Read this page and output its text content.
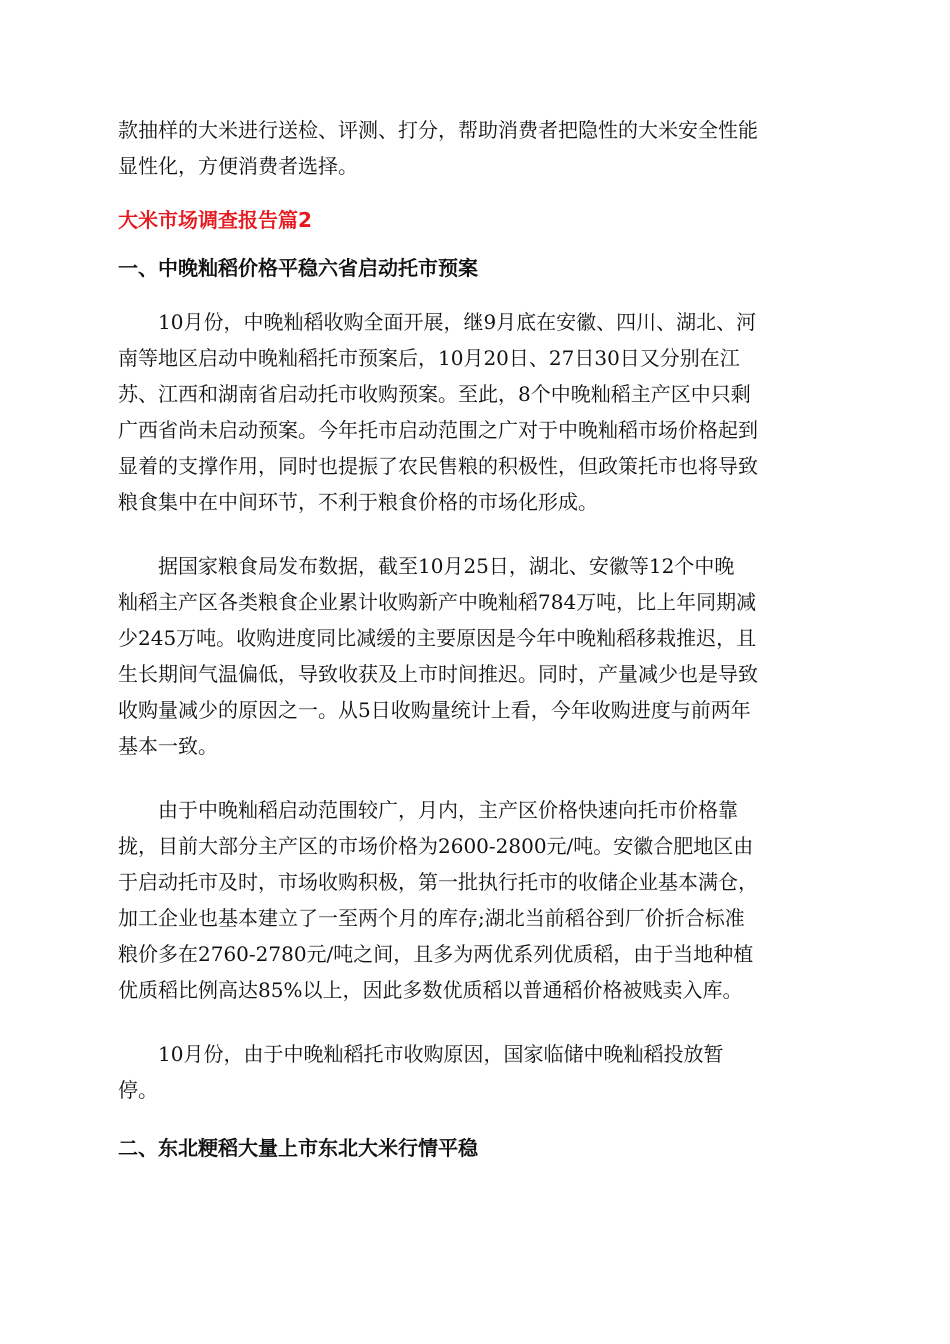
款抽样的大米进行送检、评测、打分，帮助消费者把隐性的大米安全性能
显性化，方便消费者选择。

大米市场调查报告篇2
一、中晚籼稻价格平稳六省启动托市预案

10月份，中晚籼稻收购全面开展，继9月底在安徽、四川、湖北、河
南等地区启动中晚籼稻托市预案后，10月20日、27日30日又分别在江
苏、江西和湖南省启动托市收购预案。至此，8个中晚籼稻主产区中只剩
广西省尚未启动预案。今年托市启动范围之广对于中晚籼稻市场价格起到
显着的支撑作用，同时也提振了农民售粮的积极性，但政策托市也将导致
粮食集中在中间环节，不利于粮食价格的市场化形成。

据国家粮食局发布数据，截至10月25日，湖北、安徽等12个中晚
籼稻主产区各类粮食企业累计收购新产中晚籼稻784万吨，比上年同期减
少245万吨。收购进度同比减缓的主要原因是今年中晚籼稻移栽推迟，且
生长期间气温偏低，导致收获及上市时间推迟。同时，产量减少也是导致
收购量减少的原因之一。从5日收购量统计上看，今年收购进度与前两年
基本一致。

由于中晚籼稻启动范围较广，月内，主产区价格快速向托市价格靠
拢，目前大部分主产区的市场价格为2600-2800元/吨。安徽合肥地区由
于启动托市及时，市场收购积极，第一批执行托市的收储企业基本满仓，
加工企业也基本建立了一至两个月的库存;湖北当前稻谷到厂价折合标准
粮价多在2760-2780元/吨之间，且多为两优系列优质稻，由于当地种植
优质稻比例高达85%以上，因此多数优质稻以普通稻价格被贱卖入库。

10月份，由于中晚籼稻托市收购原因，国家临储中晚籼稻投放暂
停。

二、东北粳稻大量上市东北大米行情平稳
